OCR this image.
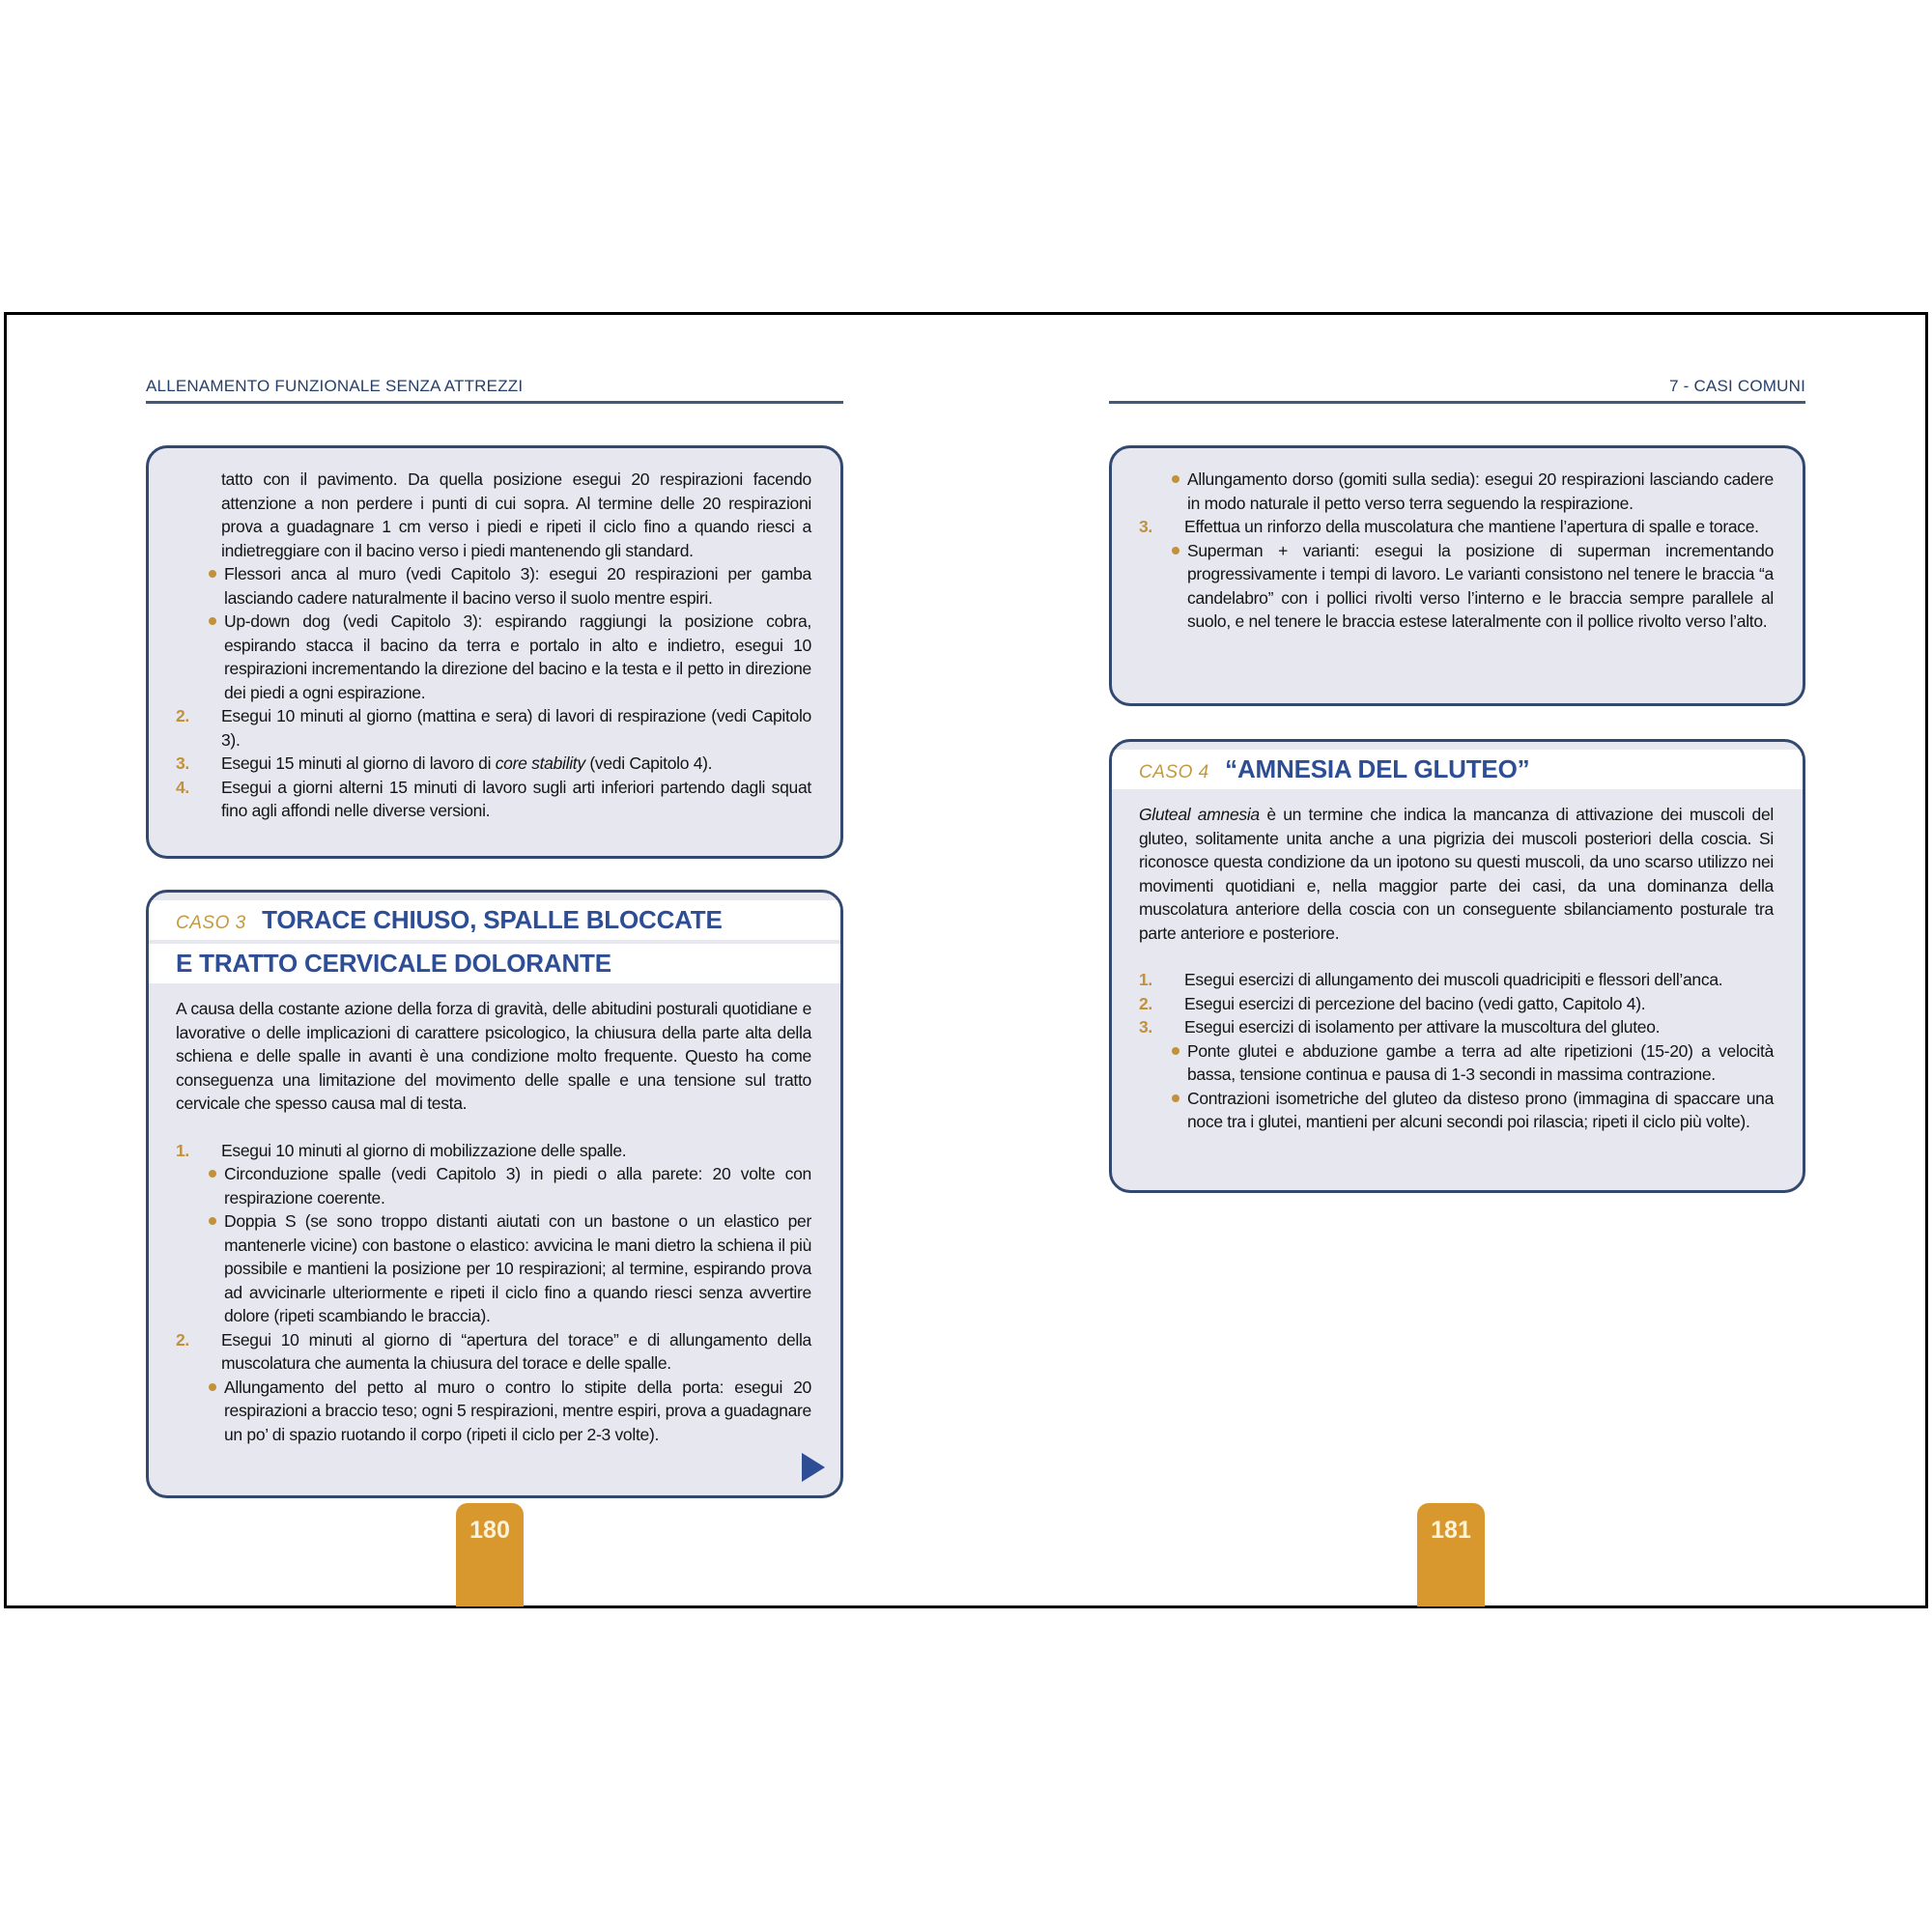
ALLENAMENTO FUNZIONALE SENZA ATTREZZI	7 - CASI COMUNI

tatto con il pavimento. Da quella posizione esegui 20 respirazioni facendo attenzione a non perdere i punti di cui sopra. Al termine delle 20 respirazioni prova a guadagnare 1 cm verso i piedi e ripeti il ciclo fino a quando riesci a indietreggiare con il bacino verso i piedi mantenendo gli standard.

Flessori anca al muro (vedi Capitolo 3): esegui 20 respirazioni per gamba lasciando cadere naturalmente il bacino verso il suolo mentre espiri.
Up-down dog (vedi Capitolo 3): espirando raggiungi la posizione cobra, espirando stacca il bacino da terra e portalo in alto e indietro, esegui 10 respirazioni incrementando la direzione del bacino e la testa e il petto in direzione dei piedi a ogni espirazione.
2. Esegui 10 minuti al giorno (mattina e sera) di lavori di respirazione (vedi Capitolo 3).
3. Esegui 15 minuti al giorno di lavoro di core stability (vedi Capitolo 4).
4. Esegui a giorni alterni 15 minuti di lavoro sugli arti inferiori partendo dagli squat fino agli affondi nelle diverse versioni.
CASO 3 TORACE CHIUSO, SPALLE BLOCCATE
E TRATTO CERVICALE DOLORANTE

A causa della costante azione della forza di gravità, delle abitudini posturali quotidiane e lavorative o delle implicazioni di carattere psicologico, la chiusura della parte alta della schiena e delle spalle in avanti è una condizione molto frequente. Questo ha come conseguenza una limitazione del movimento delle spalle e una tensione sul tratto cervicale che spesso causa mal di testa.

1. Esegui 10 minuti al giorno di mobilizzazione delle spalle.
Circonduzione spalle (vedi Capitolo 3) in piedi o alla parete: 20 volte con respirazione coerente.
Doppia S (se sono troppo distanti aiutati con un bastone o un elastico per mantenerle vicine) con bastone o elastico: avvicina le mani dietro la schiena il più possibile e mantieni la posizione per 10 respirazioni; al termine, espirando prova ad avvicinarle ulteriormente e ripeti il ciclo fino a quando riesci senza avvertire dolore (ripeti scambiando le braccia).
2. Esegui 10 minuti al giorno di “apertura del torace” e di allungamento della muscolatura che aumenta la chiusura del torace e delle spalle.
Allungamento del petto al muro o contro lo stipite della porta: esegui 20 respirazioni a braccio teso; ogni 5 respirazioni, mentre espiri, prova a guadagnare un po’ di spazio ruotando il corpo (ripeti il ciclo per 2-3 volte).
Allungamento dorso (gomiti sulla sedia): esegui 20 respirazioni lasciando cadere in modo naturale il petto verso terra seguendo la respirazione.
3. Effettua un rinforzo della muscolatura che mantiene l’apertura di spalle e torace.
Superman + varianti: esegui la posizione di superman incrementando progressivamente i tempi di lavoro. Le varianti consistono nel tenere le braccia “a candelabro” con i pollici rivolti verso l’interno e le braccia sempre parallele al suolo, e nel tenere le braccia estese lateralmente con il pollice rivolto verso l’alto.
CASO 4 “AMNESIA DEL GLUTEO”

Gluteal amnesia è un termine che indica la mancanza di attivazione dei muscoli del gluteo, solitamente unita anche a una pigrizia dei muscoli posteriori della coscia. Si riconosce questa condizione da un ipotono su questi muscoli, da uno scarso utilizzo nei movimenti quotidiani e, nella maggior parte dei casi, da una dominanza della muscolatura anteriore della coscia con un conseguente sbilanciamento posturale tra parte anteriore e posteriore.

1. Esegui esercizi di allungamento dei muscoli quadricipiti e flessori dell’anca.
2. Esegui esercizi di percezione del bacino (vedi gatto, Capitolo 4).
3. Esegui esercizi di isolamento per attivare la muscoltura del gluteo.
Ponte glutei e abduzione gambe a terra ad alte ripetizioni (15-20) a velocità bassa, tensione continua e pausa di 1-3 secondi in massima contrazione.
Contrazioni isometriche del gluteo da disteso prono (immagina di spaccare una noce tra i glutei, mantieni per alcuni secondi poi rilascia; ripeti il ciclo più volte).
180	181
